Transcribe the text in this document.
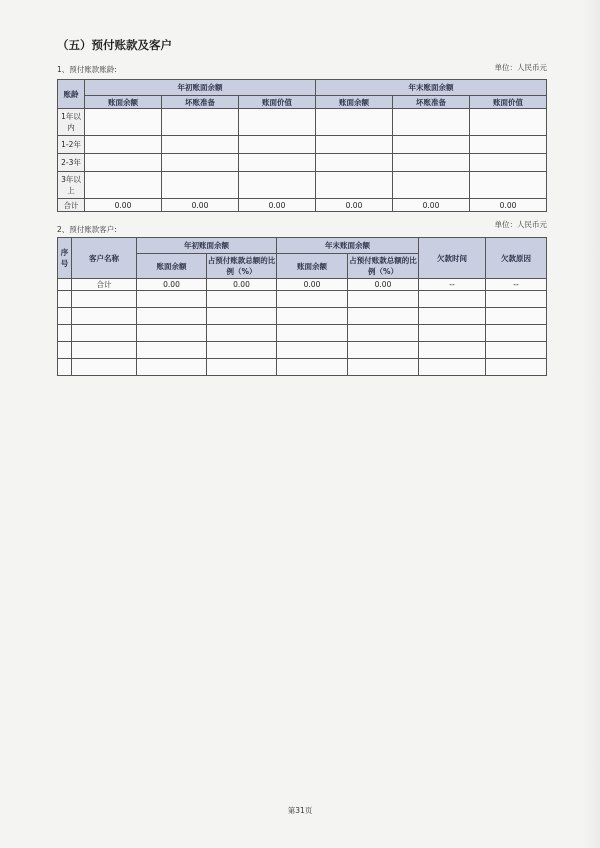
（五）预付账款及客户
1、预付账款账龄:	单位：人民币元
账龄	年初账面余额			年末账面余额		
	账面余额	坏账准备	账面价值	账面余额	坏账准备	账面价值
1年以内						
1-2年						
2-3年						
3年以上						
合计	0.00	0.00	0.00	0.00	0.00	0.00
2、预付账款客户:
单位：人民币元
序号	客户名称	年初账面余额		年末账面余额		欠款时间	欠款原因
		账面余额	占预付账款总额的比例（%）	账面余额	占预付账款总额的比例（%）		
	合计	0.00	0.00	0.00	0.00	--	--

第31页
